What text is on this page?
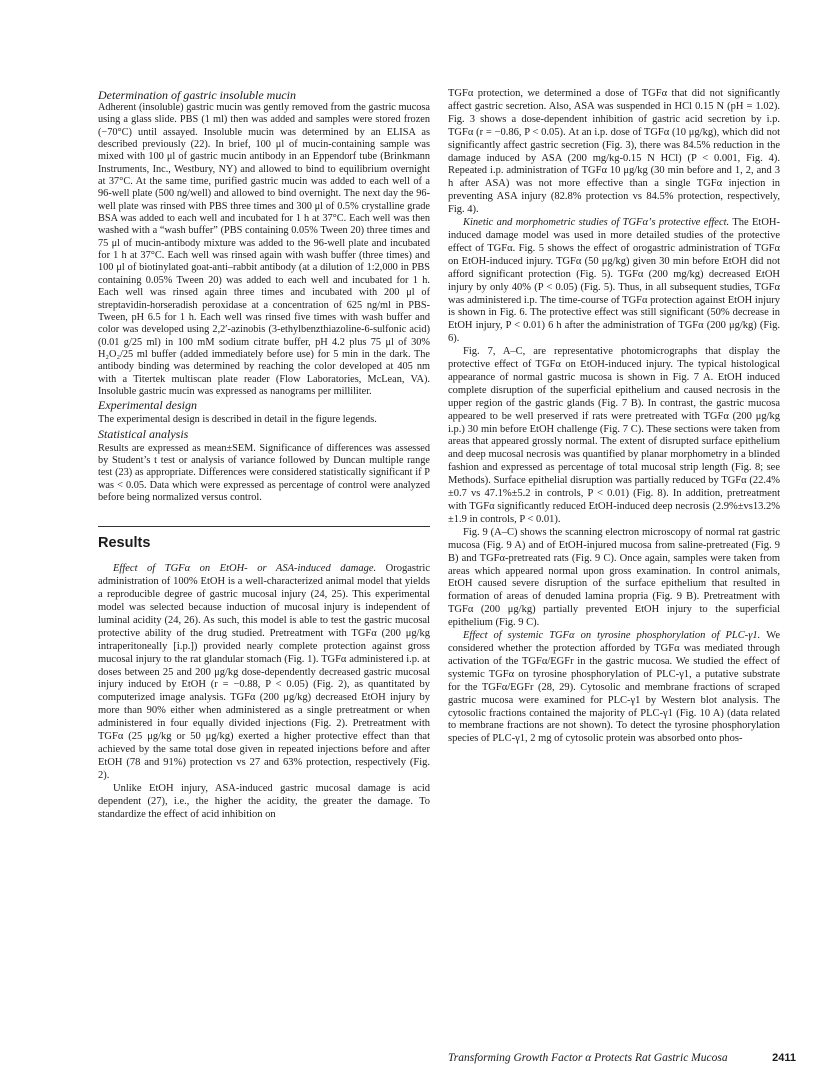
Determination of gastric insoluble mucin

Adherent (insoluble) gastric mucin was gently removed from the gastric mucosa using a glass slide. PBS (1 ml) then was added and samples were stored frozen (−70°C) until assayed. Insoluble mucin was determined by an ELISA as described previously (22). In brief, 100 μl of mucin-containing sample was mixed with 100 μl of gastric mucin antibody in an Eppendorf tube (Brinkmann Instruments, Inc., Westbury, NY) and allowed to bind to equilibrium overnight at 37°C. At the same time, purified gastric mucin was added to each well of a 96-well plate (500 ng/well) and allowed to bind overnight. The next day the 96-well plate was rinsed with PBS three times and 300 μl of 0.5% crystalline grade BSA was added to each well and incubated for 1 h at 37°C. Each well was then washed with a “wash buffer” (PBS containing 0.05% Tween 20) three times and 75 μl of mucin-antibody mixture was added to the 96-well plate and incubated for 1 h at 37°C. Each well was rinsed again with wash buffer (three times) and 100 μl of biotinylated goat-anti–rabbit antibody (at a dilution of 1:2,000 in PBS containing 0.05% Tween 20) was added to each well and incubated for 1 h. Each well was rinsed again three times and incubated with 200 μl of streptavidin-horseradish peroxidase at a concentration of 625 ng/ml in PBS-Tween, pH 6.5 for 1 h. Each well was rinsed five times with wash buffer and color was developed using 2,2′-azinobis (3-ethylbenzthiazoline-6-sulfonic acid) (0.01 g/25 ml) in 100 mM sodium citrate buffer, pH 4.2 plus 75 μl of 30% H₂O₂/25 ml buffer (added immediately before use) for 5 min in the dark. The antibody binding was determined by reaching the color developed at 405 nm with a Titertek multiscan plate reader (Flow Laboratories, McLean, VA). Insoluble gastric mucin was expressed as nanograms per milliliter.

Experimental design

The experimental design is described in detail in the figure legends.

Statistical analysis

Results are expressed as mean±SEM. Significance of differences was assessed by Student’s t test or analysis of variance followed by Duncan multiple range test (23) as appropriate. Differences were considered statistically significant if P was < 0.05. Data which were expressed as percentage of control were analyzed before being normalized versus control.

Results

Effect of TGFα on EtOH- or ASA-induced damage. Orogastric administration of 100% EtOH is a well-characterized animal model that yields a reproducible degree of gastric mucosal injury (24, 25). This experimental model was selected because induction of mucosal injury is independent of luminal acidity (24, 26). As such, this model is able to test the gastric mucosal protective ability of the drug studied. Pretreatment with TGFα (200 μg/kg intraperitoneally [i.p.]) provided nearly complete protection against gross mucosal injury to the rat glandular stomach (Fig. 1). TGFα administered i.p. at doses between 25 and 200 μg/kg dose-dependently decreased gastric mucosal injury induced by EtOH (r = −0.88, P < 0.05) (Fig. 2), as quantitated by computerized image analysis. TGFα (200 μg/kg) decreased EtOH injury by more than 90% either when administered as a single pretreatment or when administered in four equally divided injections (Fig. 2). Pretreatment with TGFα (25 μg/kg or 50 μg/kg) exerted a higher protective effect than that achieved by the same total dose given in repeated injections before and after EtOH (78 and 91%) protection vs 27 and 63% protection, respectively (Fig. 2).

Unlike EtOH injury, ASA-induced gastric mucosal damage is acid dependent (27), i.e., the higher the acidity, the greater the damage. To standardize the effect of acid inhibition on

TGFα protection, we determined a dose of TGFα that did not significantly affect gastric secretion. Also, ASA was suspended in HCl 0.15 N (pH = 1.02). Fig. 3 shows a dose-dependent inhibition of gastric acid secretion by i.p. TGFα (r = −0.86, P < 0.05). At an i.p. dose of TGFα (10 μg/kg), which did not significantly affect gastric secretion (Fig. 3), there was 84.5% reduction in the damage induced by ASA (200 mg/kg-0.15 N HCl) (P < 0.001, Fig. 4). Repeated i.p. administration of TGFα 10 μg/kg (30 min before and 1, 2, and 3 h after ASA) was not more effective than a single TGFα injection in preventing ASA injury (82.8% protection vs 84.5% protection, respectively, Fig. 4).

Kinetic and morphometric studies of TGFα’s protective effect. The EtOH-induced damage model was used in more detailed studies of the protective effect of TGFα. Fig. 5 shows the effect of orogastric administration of TGFα on EtOH-induced injury. TGFα (50 μg/kg) given 30 min before EtOH did not afford significant protection (Fig. 5). TGFα (200 mg/kg) decreased EtOH injury by only 40% (P < 0.05) (Fig. 5). Thus, in all subsequent studies, TGFα was administered i.p. The time-course of TGFα protection against EtOH injury is shown in Fig. 6. The protective effect was still significant (50% decrease in EtOH injury, P < 0.01) 6 h after the administration of TGFα (200 μg/kg) (Fig. 6).

Fig. 7, A–C, are representative photomicrographs that display the protective effect of TGFα on EtOH-induced injury. The typical histological appearance of normal gastric mucosa is shown in Fig. 7 A. EtOH induced complete disruption of the superficial epithelium and caused necrosis in the upper region of the gastric glands (Fig. 7 B). In contrast, the gastric mucosa appeared to be well preserved if rats were pretreated with TGFα (200 μg/kg i.p.) 30 min before EtOH challenge (Fig. 7 C). These sections were taken from areas that appeared grossly normal. The extent of disrupted surface epithelium and deep mucosal necrosis was quantified by planar morphometry in a blinded fashion and expressed as percentage of total mucosal strip length (Fig. 8; see Methods). Surface epithelial disruption was partially reduced by TGFα (22.4%±0.7 vs 47.1%±5.2 in controls, P < 0.01) (Fig. 8). In addition, pretreatment with TGFα significantly reduced EtOH-induced deep necrosis (2.9%±vs13.2%±1.9 in controls, P < 0.01).

Fig. 9 (A–C) shows the scanning electron microscopy of normal rat gastric mucosa (Fig. 9 A) and of EtOH-injured mucosa from saline-pretreated (Fig. 9 B) and TGFα-pretreated rats (Fig. 9 C). Once again, samples were taken from areas which appeared normal upon gross examination. In control animals, EtOH caused severe disruption of the surface epithelium that resulted in formation of areas of denuded lamina propria (Fig. 9 B). Pretreatment with TGFα (200 μg/kg) partially prevented EtOH injury to the superficial epithelium (Fig. 9 C).

Effect of systemic TGFα on tyrosine phosphorylation of PLC-γ1. We considered whether the protection afforded by TGFα was mediated through activation of the TGFα/EGFr in the gastric mucosa. We studied the effect of systemic TGFα on tyrosine phosphorylation of PLC-γ1, a putative substrate for the TGFα/EGFr (28, 29). Cytosolic and membrane fractions of scraped gastric mucosa were examined for PLC-γ1 by Western blot analysis. The cytosolic fractions contained the majority of PLC-γ1 (Fig. 10 A) (data related to membrane fractions are not shown). To detect the tyrosine phosphorylation species of PLC-γ1, 2 mg of cytosolic protein was absorbed onto phos-

Transforming Growth Factor α Protects Rat Gastric Mucosa	2411
